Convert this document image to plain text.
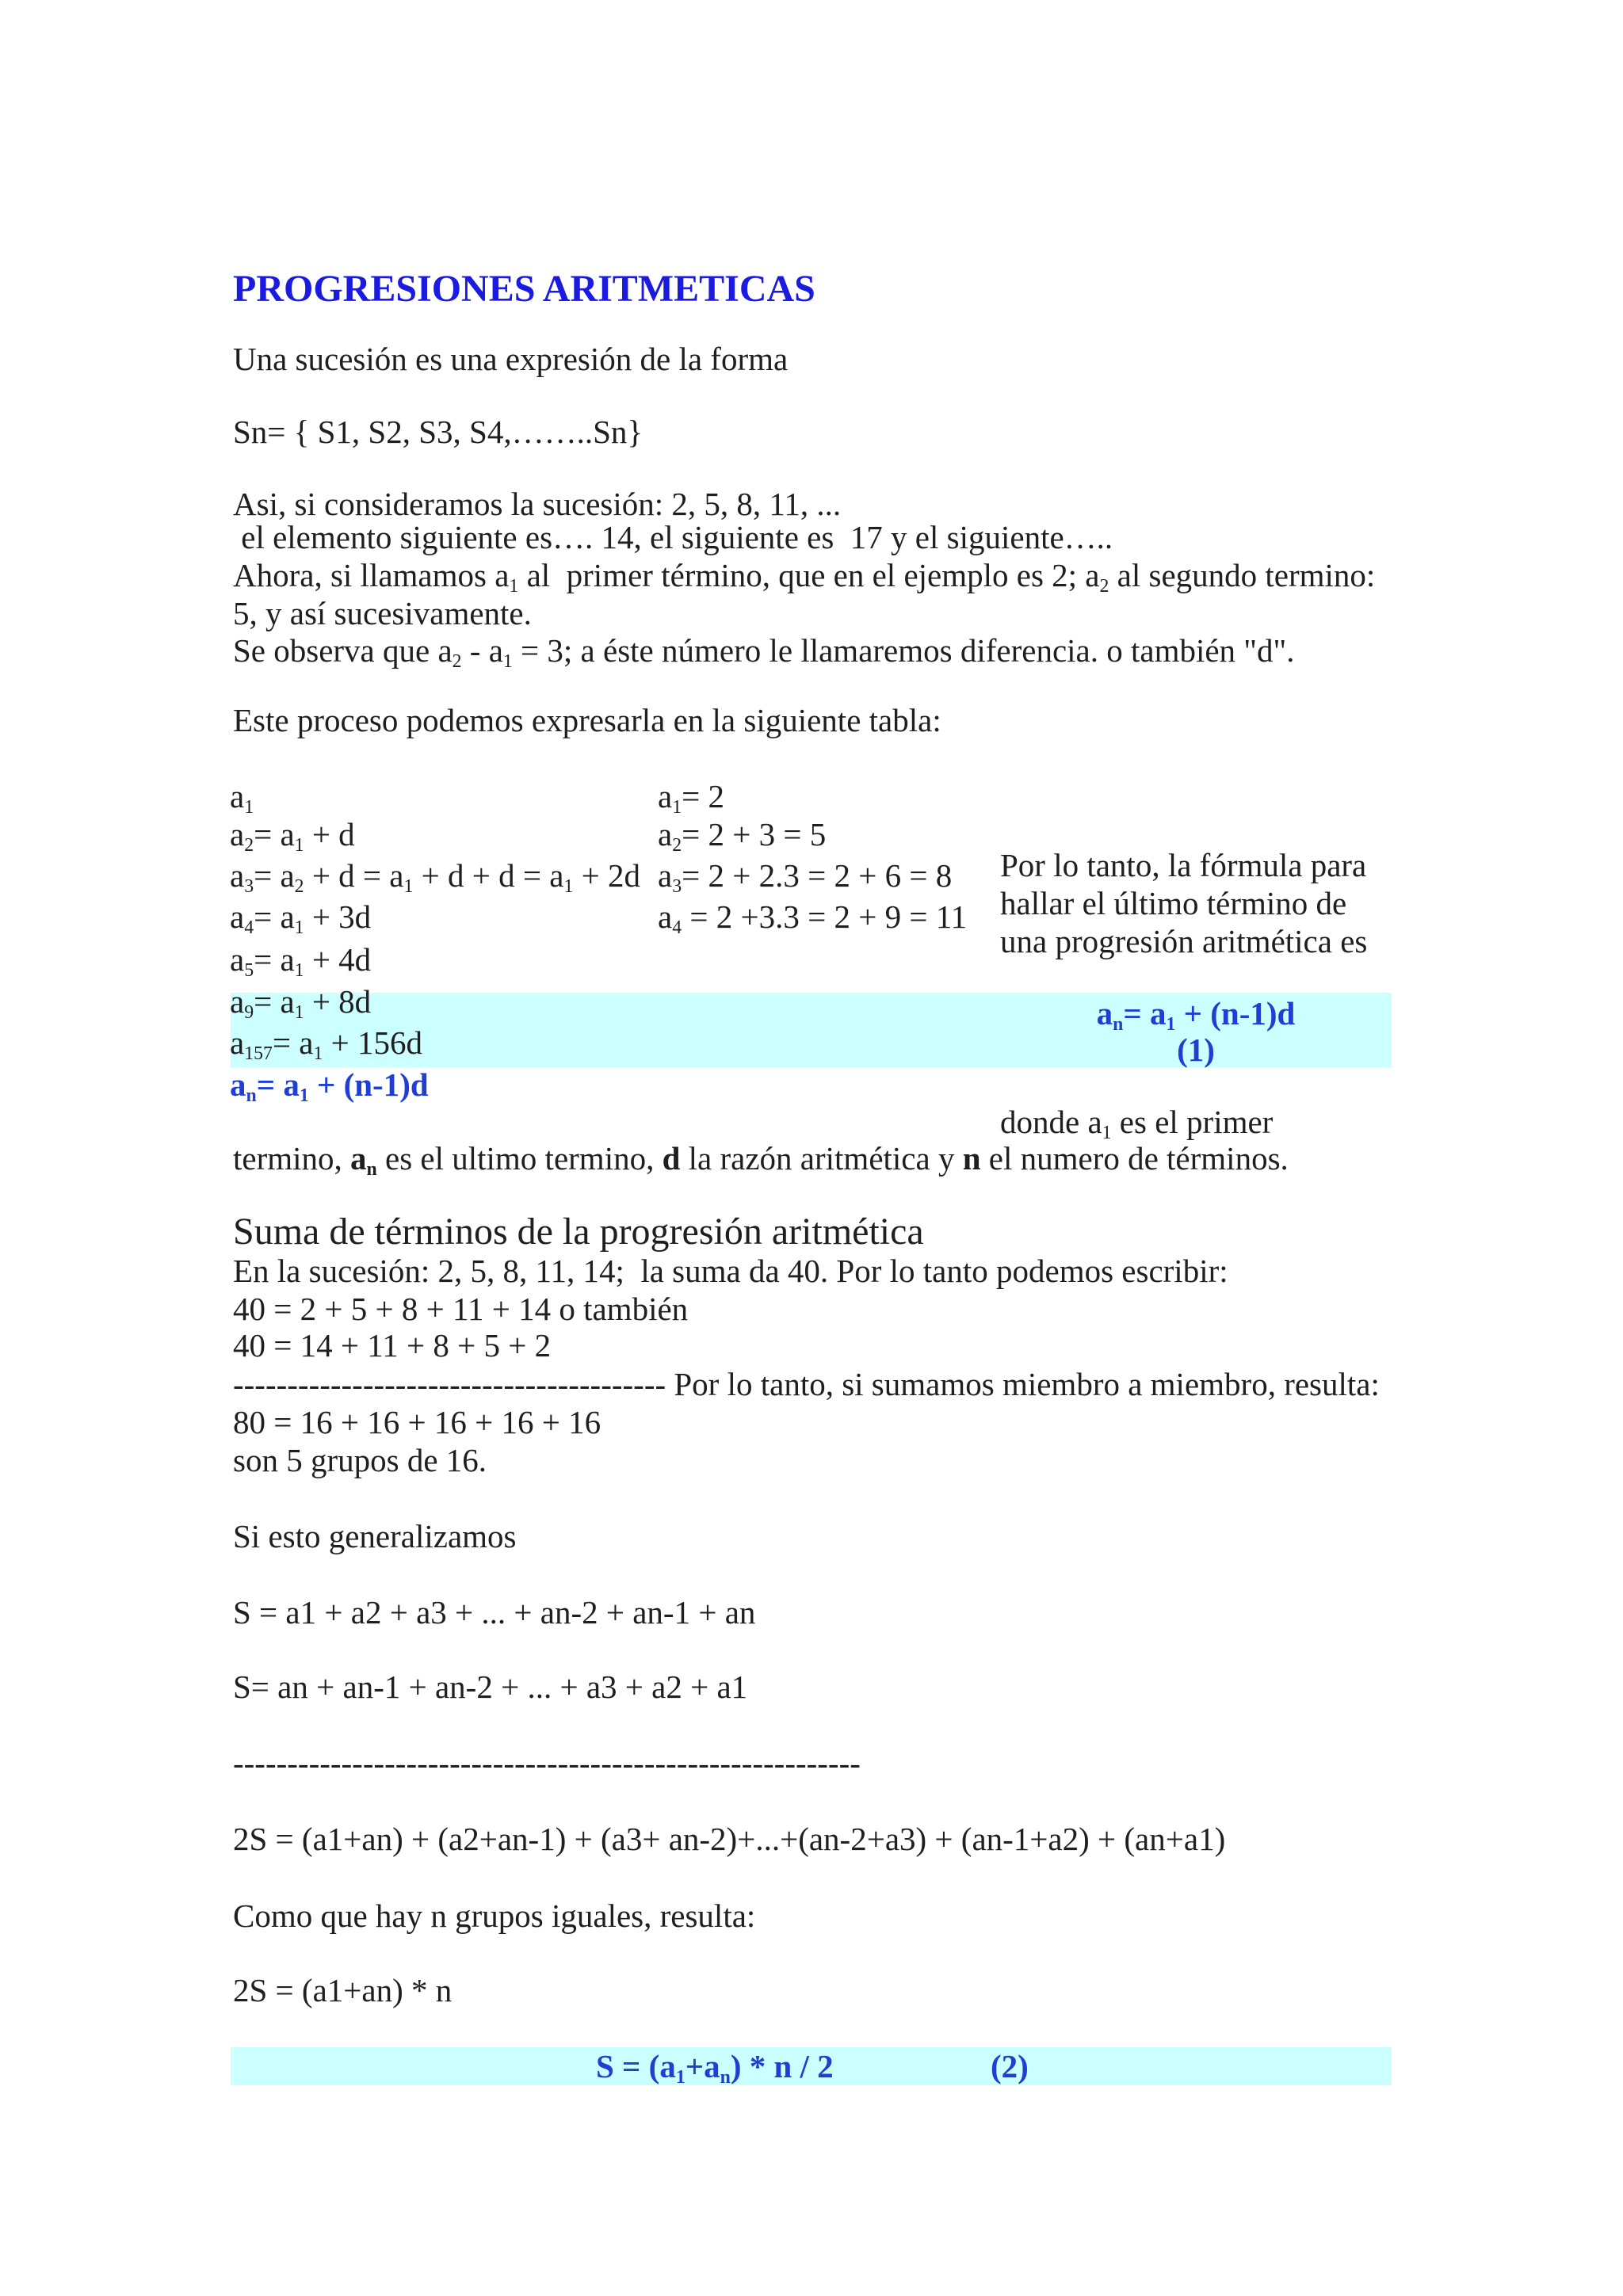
PROGRESIONES ARITMETICAS
Una sucesión es una expresión de la forma
Sn= { S1, S2, S3, S4,……..Sn}
Asi, si consideramos la sucesión: 2, 5, 8, 11, ...
el elemento siguiente es…. 14, el siguiente es  17 y el siguiente…..
Ahora, si llamamos $a_1$ al  primer término, que en el ejemplo es 2; $a_2$ al segundo termino:
5, y así sucesivamente.
Se observa que $a_2 - a_1 = 3$; a éste número le llamaremos diferencia. o también "d".
Este proceso podemos expresarla en la siguiente tabla:
$a_1$
$a_2= a_1 + d$
$a_3= a_2 + d = a_1 + d + d = a_1 + 2d$
$a_4= a_1 + 3d$
$a_5= a_1 + 4d$
$a_9= a_1 + 8d$
$a_{157}= a_1 + 156d$
$a_n= a_1 + (n-1)d$
$a_1= 2$
$a_2= 2 + 3 = 5$
$a_3= 2 + 2.3 = 2 + 6 = 8$
$a_4 = 2 +3.3 = 2 + 9 = 11$
Por lo tanto, la fórmula para
hallar el último término de
una progresión aritmética es
$a_n= a_1 + (n-1)d$
(1)
donde $a_1$ es el primer
termino, $a_n$ es el ultimo termino, d la razón aritmética y n el numero de términos.
Suma de términos de la progresión aritmética
En la sucesión: 2, 5, 8, 11, 14;  la suma da 40. Por lo tanto podemos escribir:
40 = 2 + 5 + 8 + 11 + 14 o también
40 = 14 + 11 + 8 + 5 + 2
---------------------------------------- Por lo tanto, si sumamos miembro a miembro, resulta:
80 = 16 + 16 + 16 + 16 + 16
son 5 grupos de 16.
Si esto generalizamos
S = a1 + a2 + a3 + ... + an-2 + an-1 + an
S= an + an-1 + an-2 + ... + a3 + a2 + a1
----------------------------------------------------------
2S = (a1+an) + (a2+an-1) + (a3+ an-2)+...+(an-2+a3) + (an-1+a2) + (an+a1)
Como que hay n grupos iguales, resulta:
2S = (a1+an) * n
$S = (a_1+a_n) * n / 2$	(2)
